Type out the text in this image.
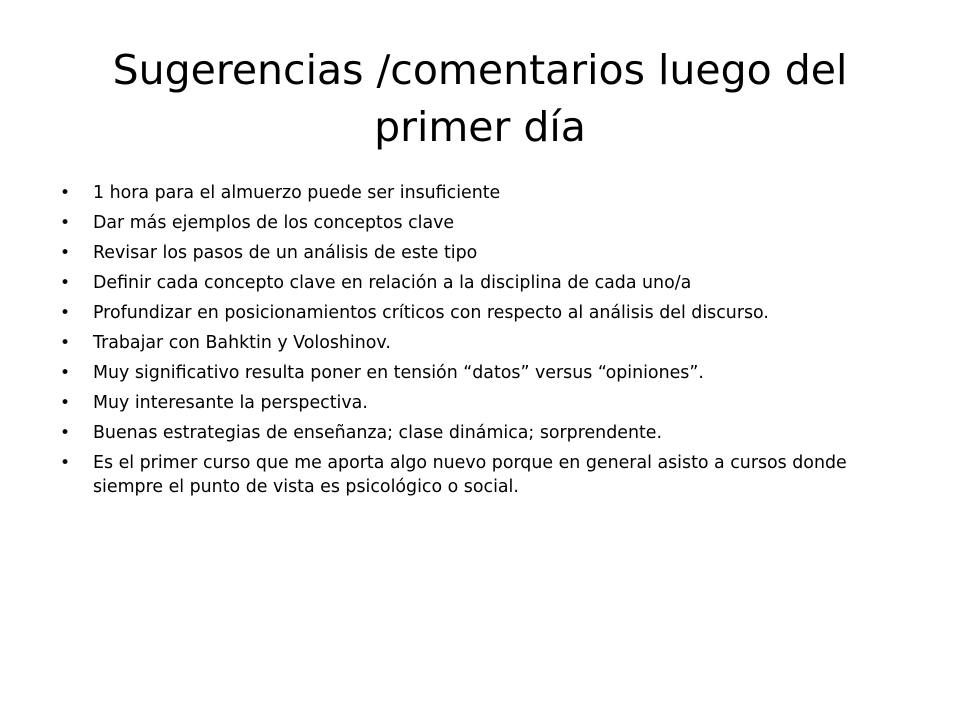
Sugerencias /comentarios luego del primer día
• 1 hora para el almuerzo puede ser insuficiente
• Dar más ejemplos de los conceptos clave
• Revisar los pasos de un análisis de este tipo
• Definir cada concepto clave en relación a la disciplina de cada uno/a
• Profundizar en posicionamientos críticos con respecto al análisis del discurso.
• Trabajar con Bahktin y Voloshinov.
• Muy significativo resulta poner en tensión “datos” versus “opiniones”.
• Muy interesante la perspectiva.
• Buenas estrategias de enseñanza; clase dinámica; sorprendente.
• Es el primer curso que me aporta algo nuevo porque en general asisto a cursos donde siempre el punto de vista es psicológico o social.
